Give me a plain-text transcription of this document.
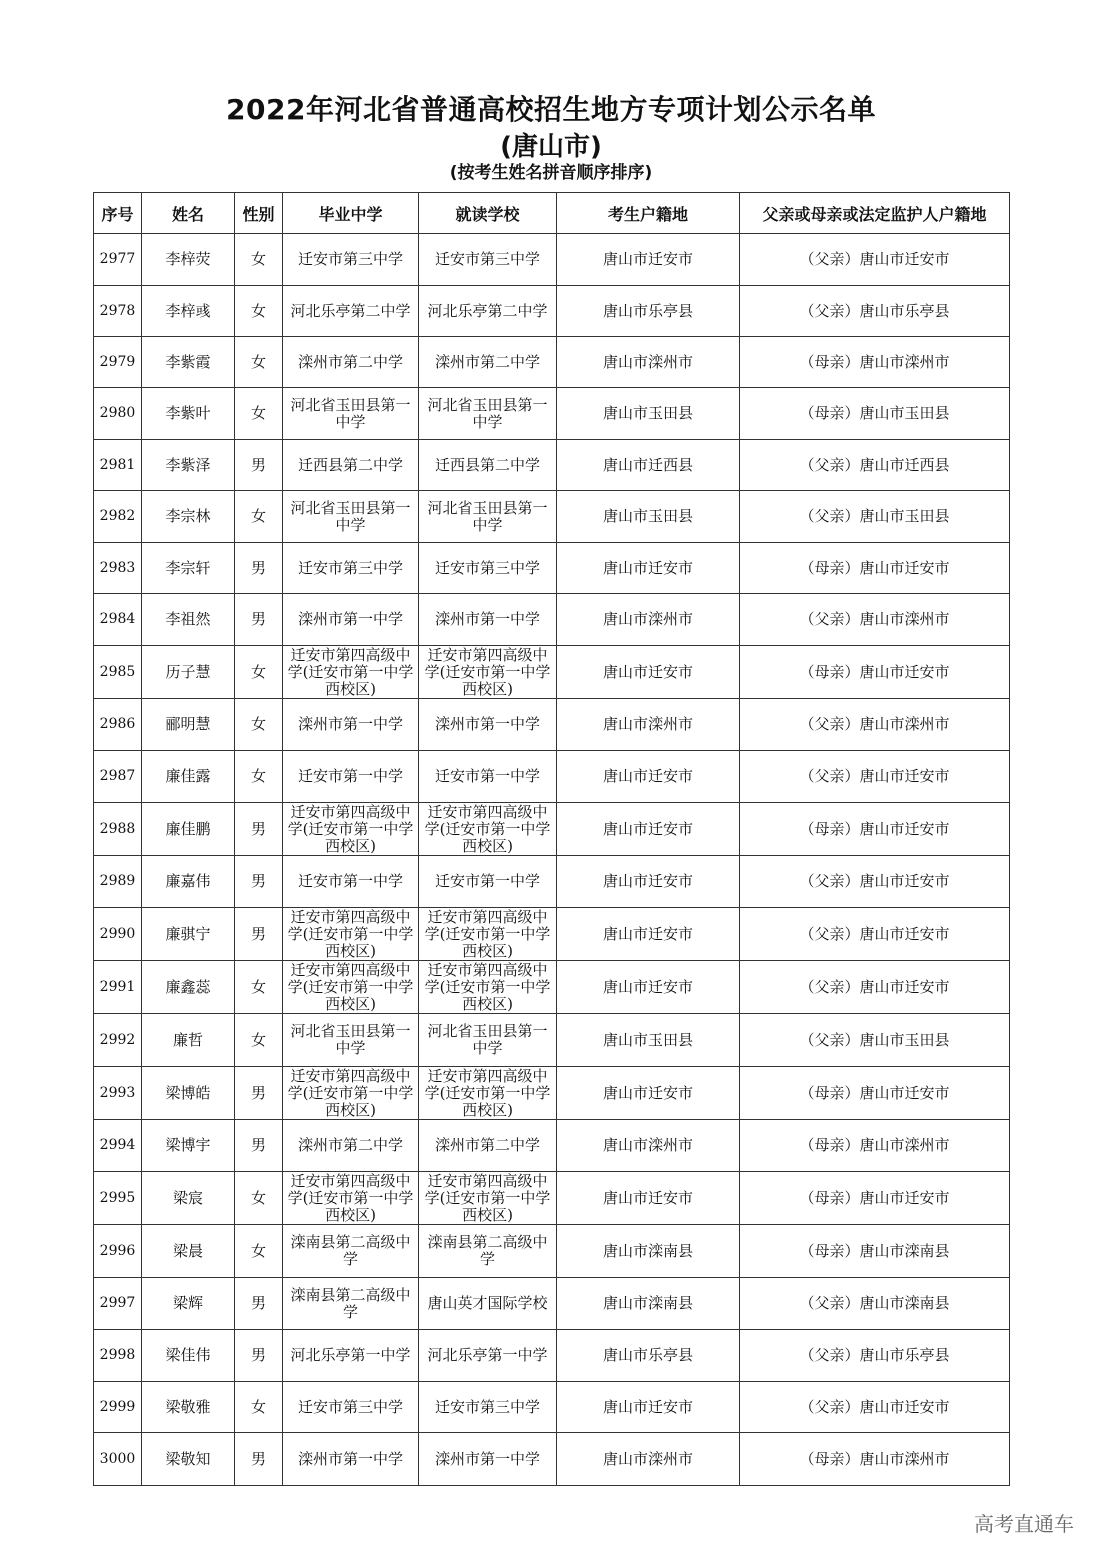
2022年河北省普通高校招生地方专项计划公示名单
(唐山市)
(按考生姓名拼音顺序排序)
序号	姓名	性别	毕业中学	就读学校	考生户籍地	父亲或母亲或法定监护人户籍地
2977	李梓荧	女	迁安市第三中学	迁安市第三中学	唐山市迁安市	（父亲）唐山市迁安市
2978	李梓彧	女	河北乐亭第二中学	河北乐亭第二中学	唐山市乐亭县	（父亲）唐山市乐亭县
2979	李紫霞	女	滦州市第二中学	滦州市第二中学	唐山市滦州市	（母亲）唐山市滦州市
2980	李紫叶	女	河北省玉田县第一中学	河北省玉田县第一中学	唐山市玉田县	（母亲）唐山市玉田县
2981	李紫泽	男	迁西县第二中学	迁西县第二中学	唐山市迁西县	（父亲）唐山市迁西县
2982	李宗林	女	河北省玉田县第一中学	河北省玉田县第一中学	唐山市玉田县	（父亲）唐山市玉田县
2983	李宗轩	男	迁安市第三中学	迁安市第三中学	唐山市迁安市	（母亲）唐山市迁安市
2984	李祖然	男	滦州市第一中学	滦州市第一中学	唐山市滦州市	（父亲）唐山市滦州市
2985	历子慧	女	迁安市第四高级中学(迁安市第一中学西校区)	迁安市第四高级中学(迁安市第一中学西校区)	唐山市迁安市	（母亲）唐山市迁安市
2986	郦明慧	女	滦州市第一中学	滦州市第一中学	唐山市滦州市	（父亲）唐山市滦州市
2987	廉佳露	女	迁安市第一中学	迁安市第一中学	唐山市迁安市	（父亲）唐山市迁安市
2988	廉佳鹏	男	迁安市第四高级中学(迁安市第一中学西校区)	迁安市第四高级中学(迁安市第一中学西校区)	唐山市迁安市	（母亲）唐山市迁安市
2989	廉嘉伟	男	迁安市第一中学	迁安市第一中学	唐山市迁安市	（父亲）唐山市迁安市
2990	廉骐宁	男	迁安市第四高级中学(迁安市第一中学西校区)	迁安市第四高级中学(迁安市第一中学西校区)	唐山市迁安市	（父亲）唐山市迁安市
2991	廉鑫蕊	女	迁安市第四高级中学(迁安市第一中学西校区)	迁安市第四高级中学(迁安市第一中学西校区)	唐山市迁安市	（父亲）唐山市迁安市
2992	廉哲	女	河北省玉田县第一中学	河北省玉田县第一中学	唐山市玉田县	（父亲）唐山市玉田县
2993	梁博皓	男	迁安市第四高级中学(迁安市第一中学西校区)	迁安市第四高级中学(迁安市第一中学西校区)	唐山市迁安市	（母亲）唐山市迁安市
2994	梁博宇	男	滦州市第二中学	滦州市第二中学	唐山市滦州市	（母亲）唐山市滦州市
2995	梁宸	女	迁安市第四高级中学(迁安市第一中学西校区)	迁安市第四高级中学(迁安市第一中学西校区)	唐山市迁安市	（母亲）唐山市迁安市
2996	梁晨	女	滦南县第二高级中学	滦南县第二高级中学	唐山市滦南县	（母亲）唐山市滦南县
2997	梁辉	男	滦南县第二高级中学	唐山英才国际学校	唐山市滦南县	（父亲）唐山市滦南县
2998	梁佳伟	男	河北乐亭第一中学	河北乐亭第一中学	唐山市乐亭县	（父亲）唐山市乐亭县
2999	梁敬雅	女	迁安市第三中学	迁安市第三中学	唐山市迁安市	（父亲）唐山市迁安市
3000	梁敬知	男	滦州市第一中学	滦州市第一中学	唐山市滦州市	（母亲）唐山市滦州市
高考直通车
